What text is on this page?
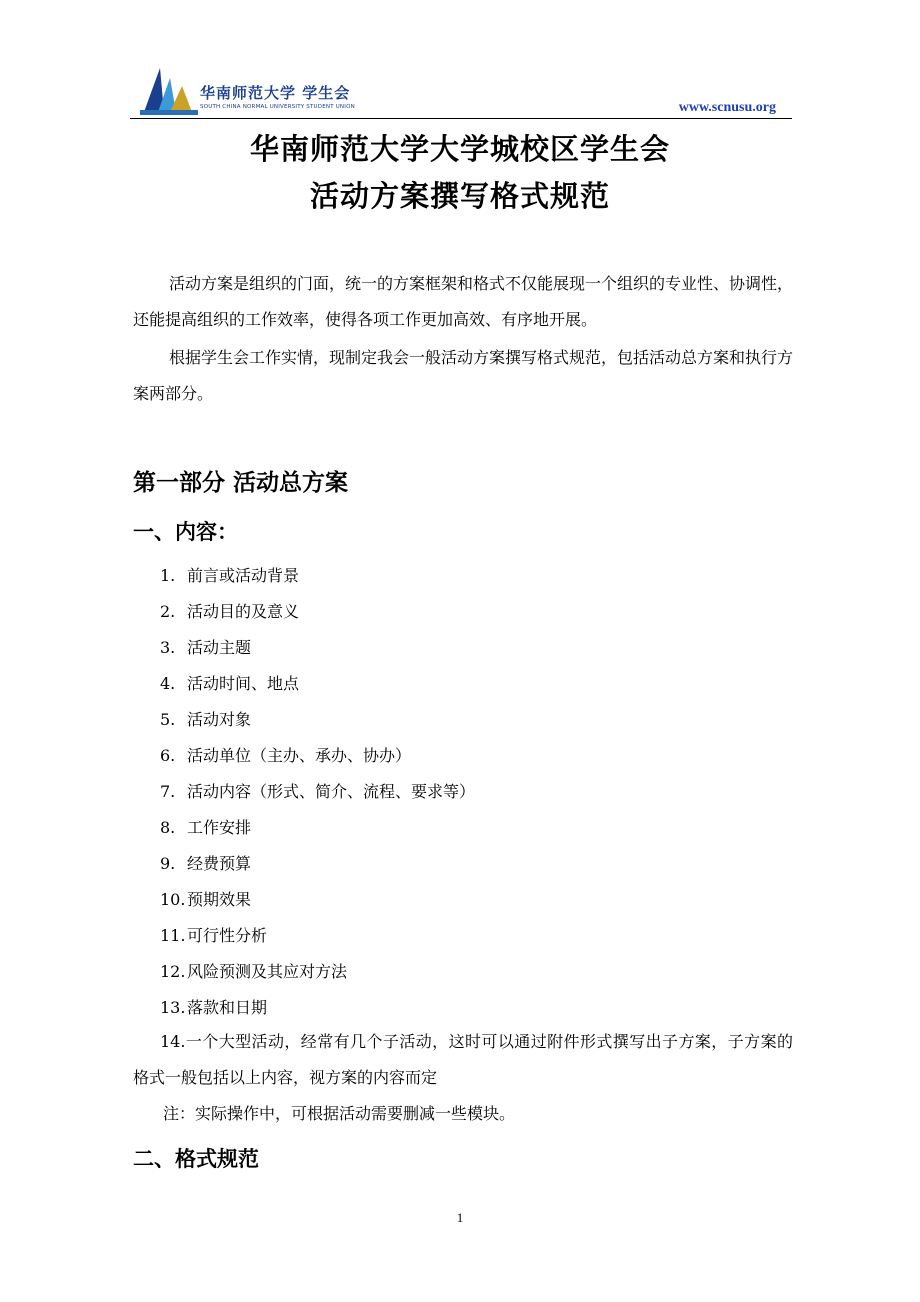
华南师范大学 学生会
SOUTH CHINA NORMAL UNIVERSITY STUDENT UNION	www.scnusu.org
华南师范大学大学城校区学生会
活动方案撰写格式规范

活动方案是组织的门面，统一的方案框架和格式不仅能展现一个组织的专业性、协调性，还能提高组织的工作效率，使得各项工作更加高效、有序地开展。

根据学生会工作实情，现制定我会一般活动方案撰写格式规范，包括活动总方案和执行方案两部分。

第一部分 活动总方案
一、内容：
1. 前言或活动背景
2. 活动目的及意义
3. 活动主题
4. 活动时间、地点
5. 活动对象
6. 活动单位（主办、承办、协办）
7. 活动内容（形式、简介、流程、要求等）
8. 工作安排
9. 经费预算
10.预期效果
11.可行性分析
12.风险预测及其应对方法
13.落款和日期

14.一个大型活动，经常有几个子活动，这时可以通过附件形式撰写出子方案，子方案的格式一般包括以上内容，视方案的内容而定

注：实际操作中，可根据活动需要删减一些模块。

二、格式规范
1
